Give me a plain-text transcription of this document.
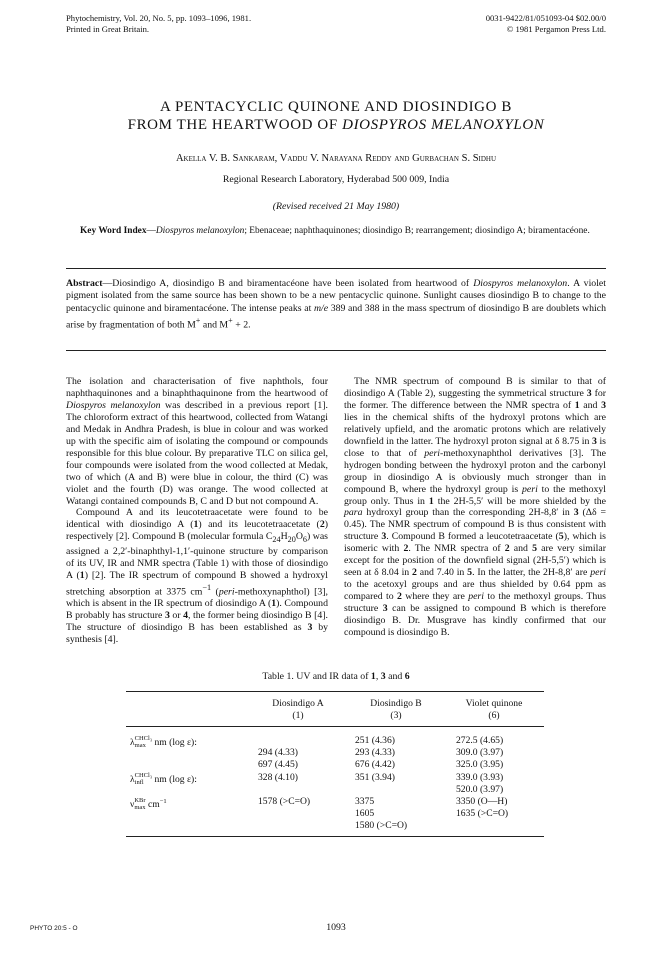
Phytochemistry, Vol. 20, No. 5, pp. 1093–1096, 1981.
Printed in Great Britain.
0031-9422/81/051093-04 $02.00/0
© 1981 Pergamon Press Ltd.
A PENTACYCLIC QUINONE AND DIOSINDIGO B
FROM THE HEARTWOOD OF DIOSPYROS MELANOXYLON
Akella V. B. Sankaram, Vaddu V. Narayana Reddy and Gurbachan S. Sidhu
Regional Research Laboratory, Hyderabad 500 009, India
(Revised received 21 May 1980)
Key Word Index—Diospyros melanoxylon; Ebenaceae; naphthaquinones; diosindigo B; rearrangement; diosindigo A; biramentacéone.
Abstract—Diosindigo A, diosindigo B and biramentacéone have been isolated from heartwood of Diospyros melanoxylon. A violet pigment isolated from the same source has been shown to be a new pentacyclic quinone. Sunlight causes diosindigo B to change to the pentacyclic quinone and biramentacéone. The intense peaks at m/e 389 and 388 in the mass spectrum of diosindigo B are doublets which arise by fragmentation of both M+ and M+ + 2.

The isolation and characterisation of five naphthols, four naphthaquinones and a binaphthaquinone from the heartwood of Diospyros melanoxylon was described in a previous report [1]. The chloroform extract of this heartwood, collected from Watangi and Medak in Andhra Pradesh, is blue in colour and was worked up with the specific aim of isolating the compound or compounds responsible for this blue colour. By preparative TLC on silica gel, four compounds were isolated from the wood collected at Medak, two of which (A and B) were blue in colour, the third (C) was violet and the fourth (D) was orange. The wood collected at Watangi contained compounds B, C and D but not compound A.

Compound A and its leucotetraacetate were found to be identical with diosindigo A (1) and its leucotetraacetate (2) respectively [2]. Compound B (molecular formula $C_{24}H_{20}O_6$) was assigned a 2,2′-binaphthyl-1,1′-quinone structure by comparison of its UV, IR and NMR spectra (Table 1) with those of diosindigo A (1) [2]. The IR spectrum of compound B showed a hydroxyl stretching absorption at 3375 $cm^{-1}$ (peri-methoxynaphthol) [3], which is absent in the IR spectrum of diosindigo A (1). Compound B probably has structure 3 or 4, the former being diosindigo B [4]. The structure of diosindigo B has been established as 3 by synthesis [4].

The NMR spectrum of compound B is similar to that of diosindigo A (Table 2), suggesting the symmetrical structure 3 for the former. The difference between the NMR spectra of 1 and 3 lies in the chemical shifts of the hydroxyl protons which are relatively upfield, and the aromatic protons which are relatively downfield in the latter. The hydroxyl proton signal at δ 8.75 in 3 is close to that of peri-methoxynaphthol derivatives [3]. The hydrogen bonding between the hydroxyl proton and the carbonyl group in diosindigo A is obviously much stronger than in compound B, where the hydroxyl group is peri to the methoxyl group only. Thus in 1 the 2H-5,5′ will be more shielded by the para hydroxyl group than the corresponding 2H-8,8′ in 3 (Δδ = 0.45). The NMR spectrum of compound B is thus consistent with structure 3. Compound B formed a leucotetraacetate (5), which is isomeric with 2. The NMR spectra of 2 and 5 are very similar except for the position of the downfield signal (2H-5,5′) which is seen at δ 8.04 in 2 and 7.40 in 5. In the latter, the 2H-8,8′ are peri to the acetoxyl groups and are thus shielded by 0.64 ppm as compared to 2 where they are peri to the methoxyl groups. Thus structure 3 can be assigned to compound B which is therefore diosindigo B. Dr. Musgrave has kindly confirmed that our compound is diosindigo B.

Table 1. UV and IR data of 1, 3 and 6
Diosindigo A
(1)
Diosindigo B
(3)
Violet quinone
(6)
λ CHCl₃
max nm (log ε):
λ CHCl₃
infl nm (log ε):
ν KBr
$\max cm^{-1}$
294 (4.33)
697 (4.45)
328 (4.10)
1578 (>C=O)
251 (4.36)
293 (4.33)
676 (4.42)
351 (3.94)
3375
1605
1580 (>C=O)
272.5 (4.65)
309.0 (3.97)
325.0 (3.95)
339.0 (3.93)
520.0 (3.97)
3350 (O—H)
1635 (>C=O)
PHYTO 20:5 - O	1093
